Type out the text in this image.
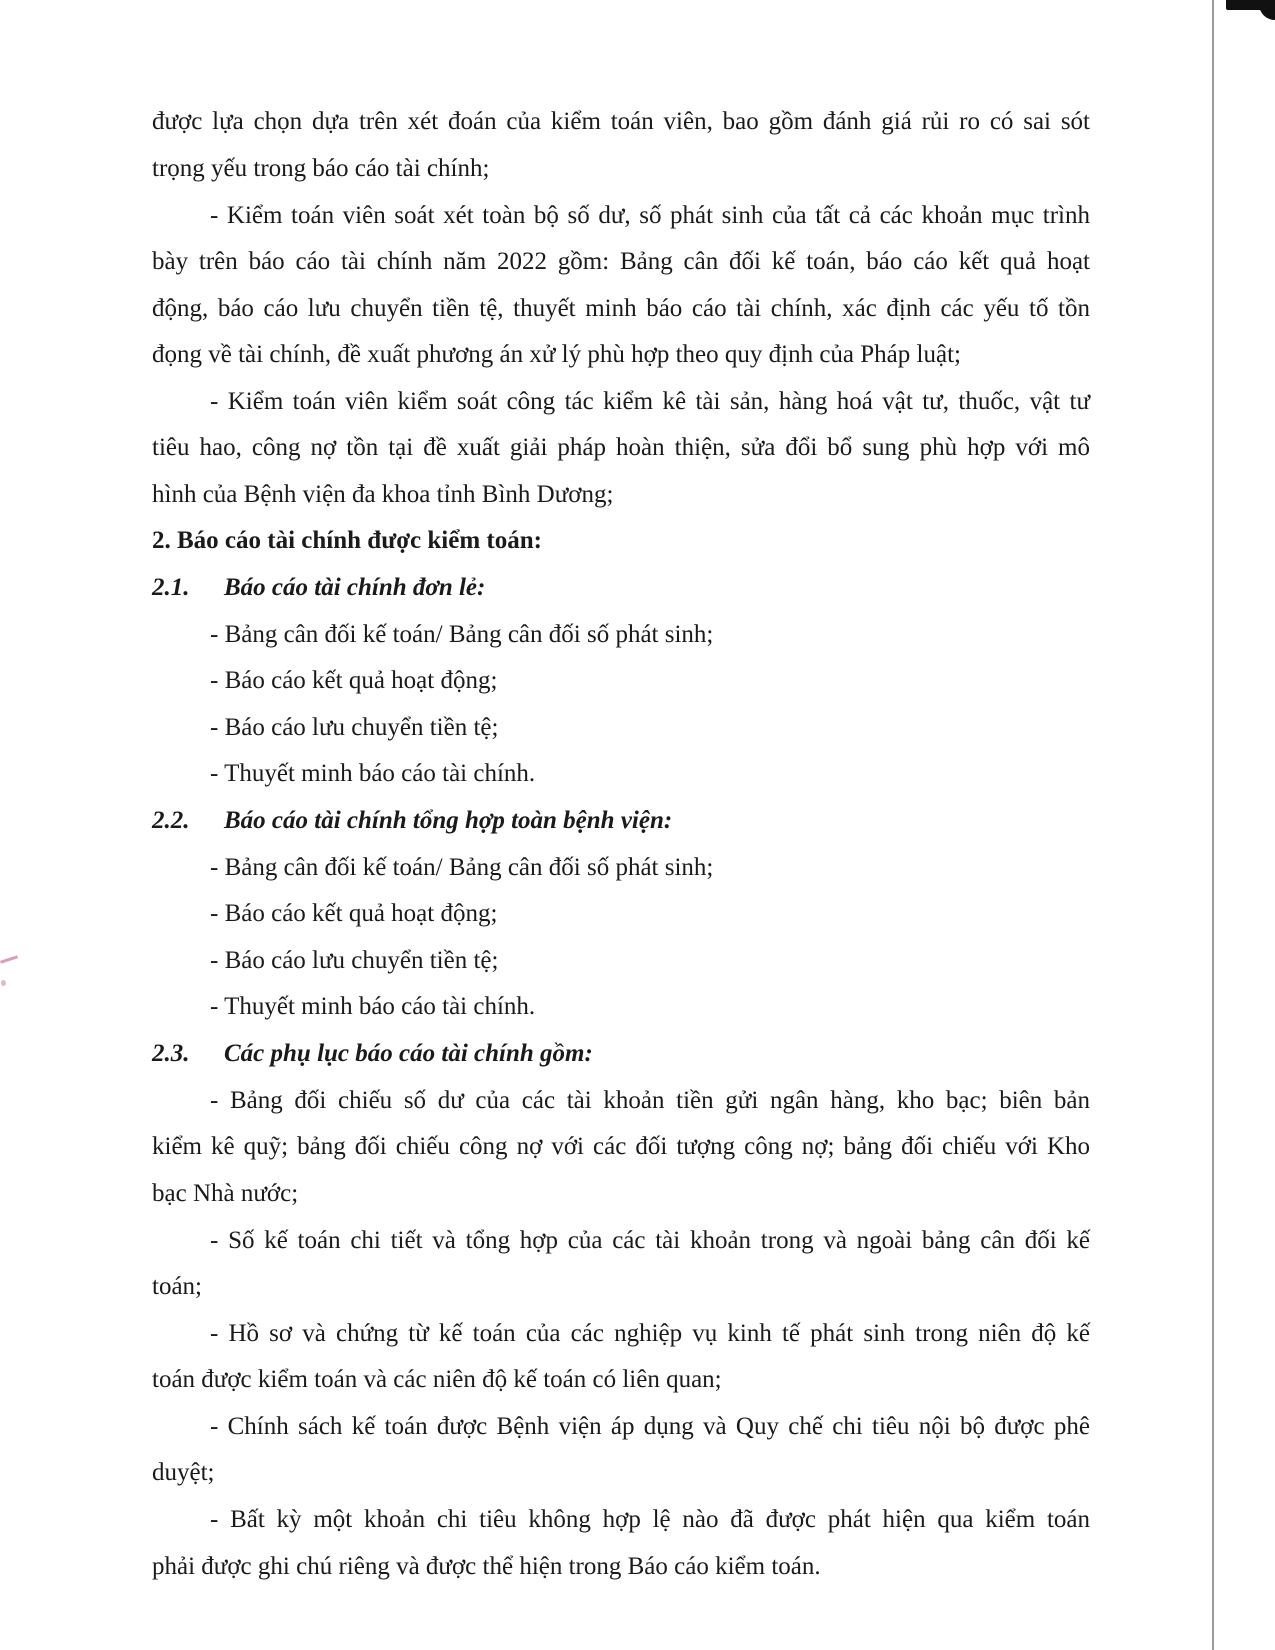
được lựa chọn dựa trên xét đoán của kiểm toán viên, bao gồm đánh giá rủi ro có sai sót
trọng yếu trong báo cáo tài chính;
- Kiểm toán viên soát xét toàn bộ số dư, số phát sinh của tất cả các khoản mục trình
bày trên báo cáo tài chính năm 2022 gồm: Bảng cân đối kế toán, báo cáo kết quả hoạt
động, báo cáo lưu chuyển tiền tệ, thuyết minh báo cáo tài chính, xác định các yếu tố tồn
đọng về tài chính, đề xuất phương án xử lý phù hợp theo quy định của Pháp luật;
- Kiểm toán viên kiểm soát công tác kiểm kê tài sản, hàng hoá vật tư, thuốc, vật tư
tiêu hao, công nợ tồn tại đề xuất giải pháp hoàn thiện, sửa đổi bổ sung phù hợp với mô
hình của Bệnh viện đa khoa tỉnh Bình Dương;
2. Báo cáo tài chính được kiểm toán:
2.1. Báo cáo tài chính đơn lẻ:
- Bảng cân đối kế toán/ Bảng cân đối số phát sinh;
- Báo cáo kết quả hoạt động;
- Báo cáo lưu chuyển tiền tệ;
- Thuyết minh báo cáo tài chính.
2.2. Báo cáo tài chính tổng hợp toàn bệnh viện:
- Bảng cân đối kế toán/ Bảng cân đối số phát sinh;
- Báo cáo kết quả hoạt động;
- Báo cáo lưu chuyển tiền tệ;
- Thuyết minh báo cáo tài chính.
2.3. Các phụ lục báo cáo tài chính gồm:
- Bảng đối chiếu số dư của các tài khoản tiền gửi ngân hàng, kho bạc; biên bản
kiểm kê quỹ; bảng đối chiếu công nợ với các đối tượng công nợ; bảng đối chiếu với Kho
bạc Nhà nước;
- Số kế toán chi tiết và tổng hợp của các tài khoản trong và ngoài bảng cân đối kế
toán;
- Hồ sơ và chứng từ kế toán của các nghiệp vụ kinh tế phát sinh trong niên độ kế
toán được kiểm toán và các niên độ kế toán có liên quan;
- Chính sách kế toán được Bệnh viện áp dụng và Quy chế chi tiêu nội bộ được phê
duyệt;
- Bất kỳ một khoản chi tiêu không hợp lệ nào đã được phát hiện qua kiểm toán
phải được ghi chú riêng và được thể hiện trong Báo cáo kiểm toán.
